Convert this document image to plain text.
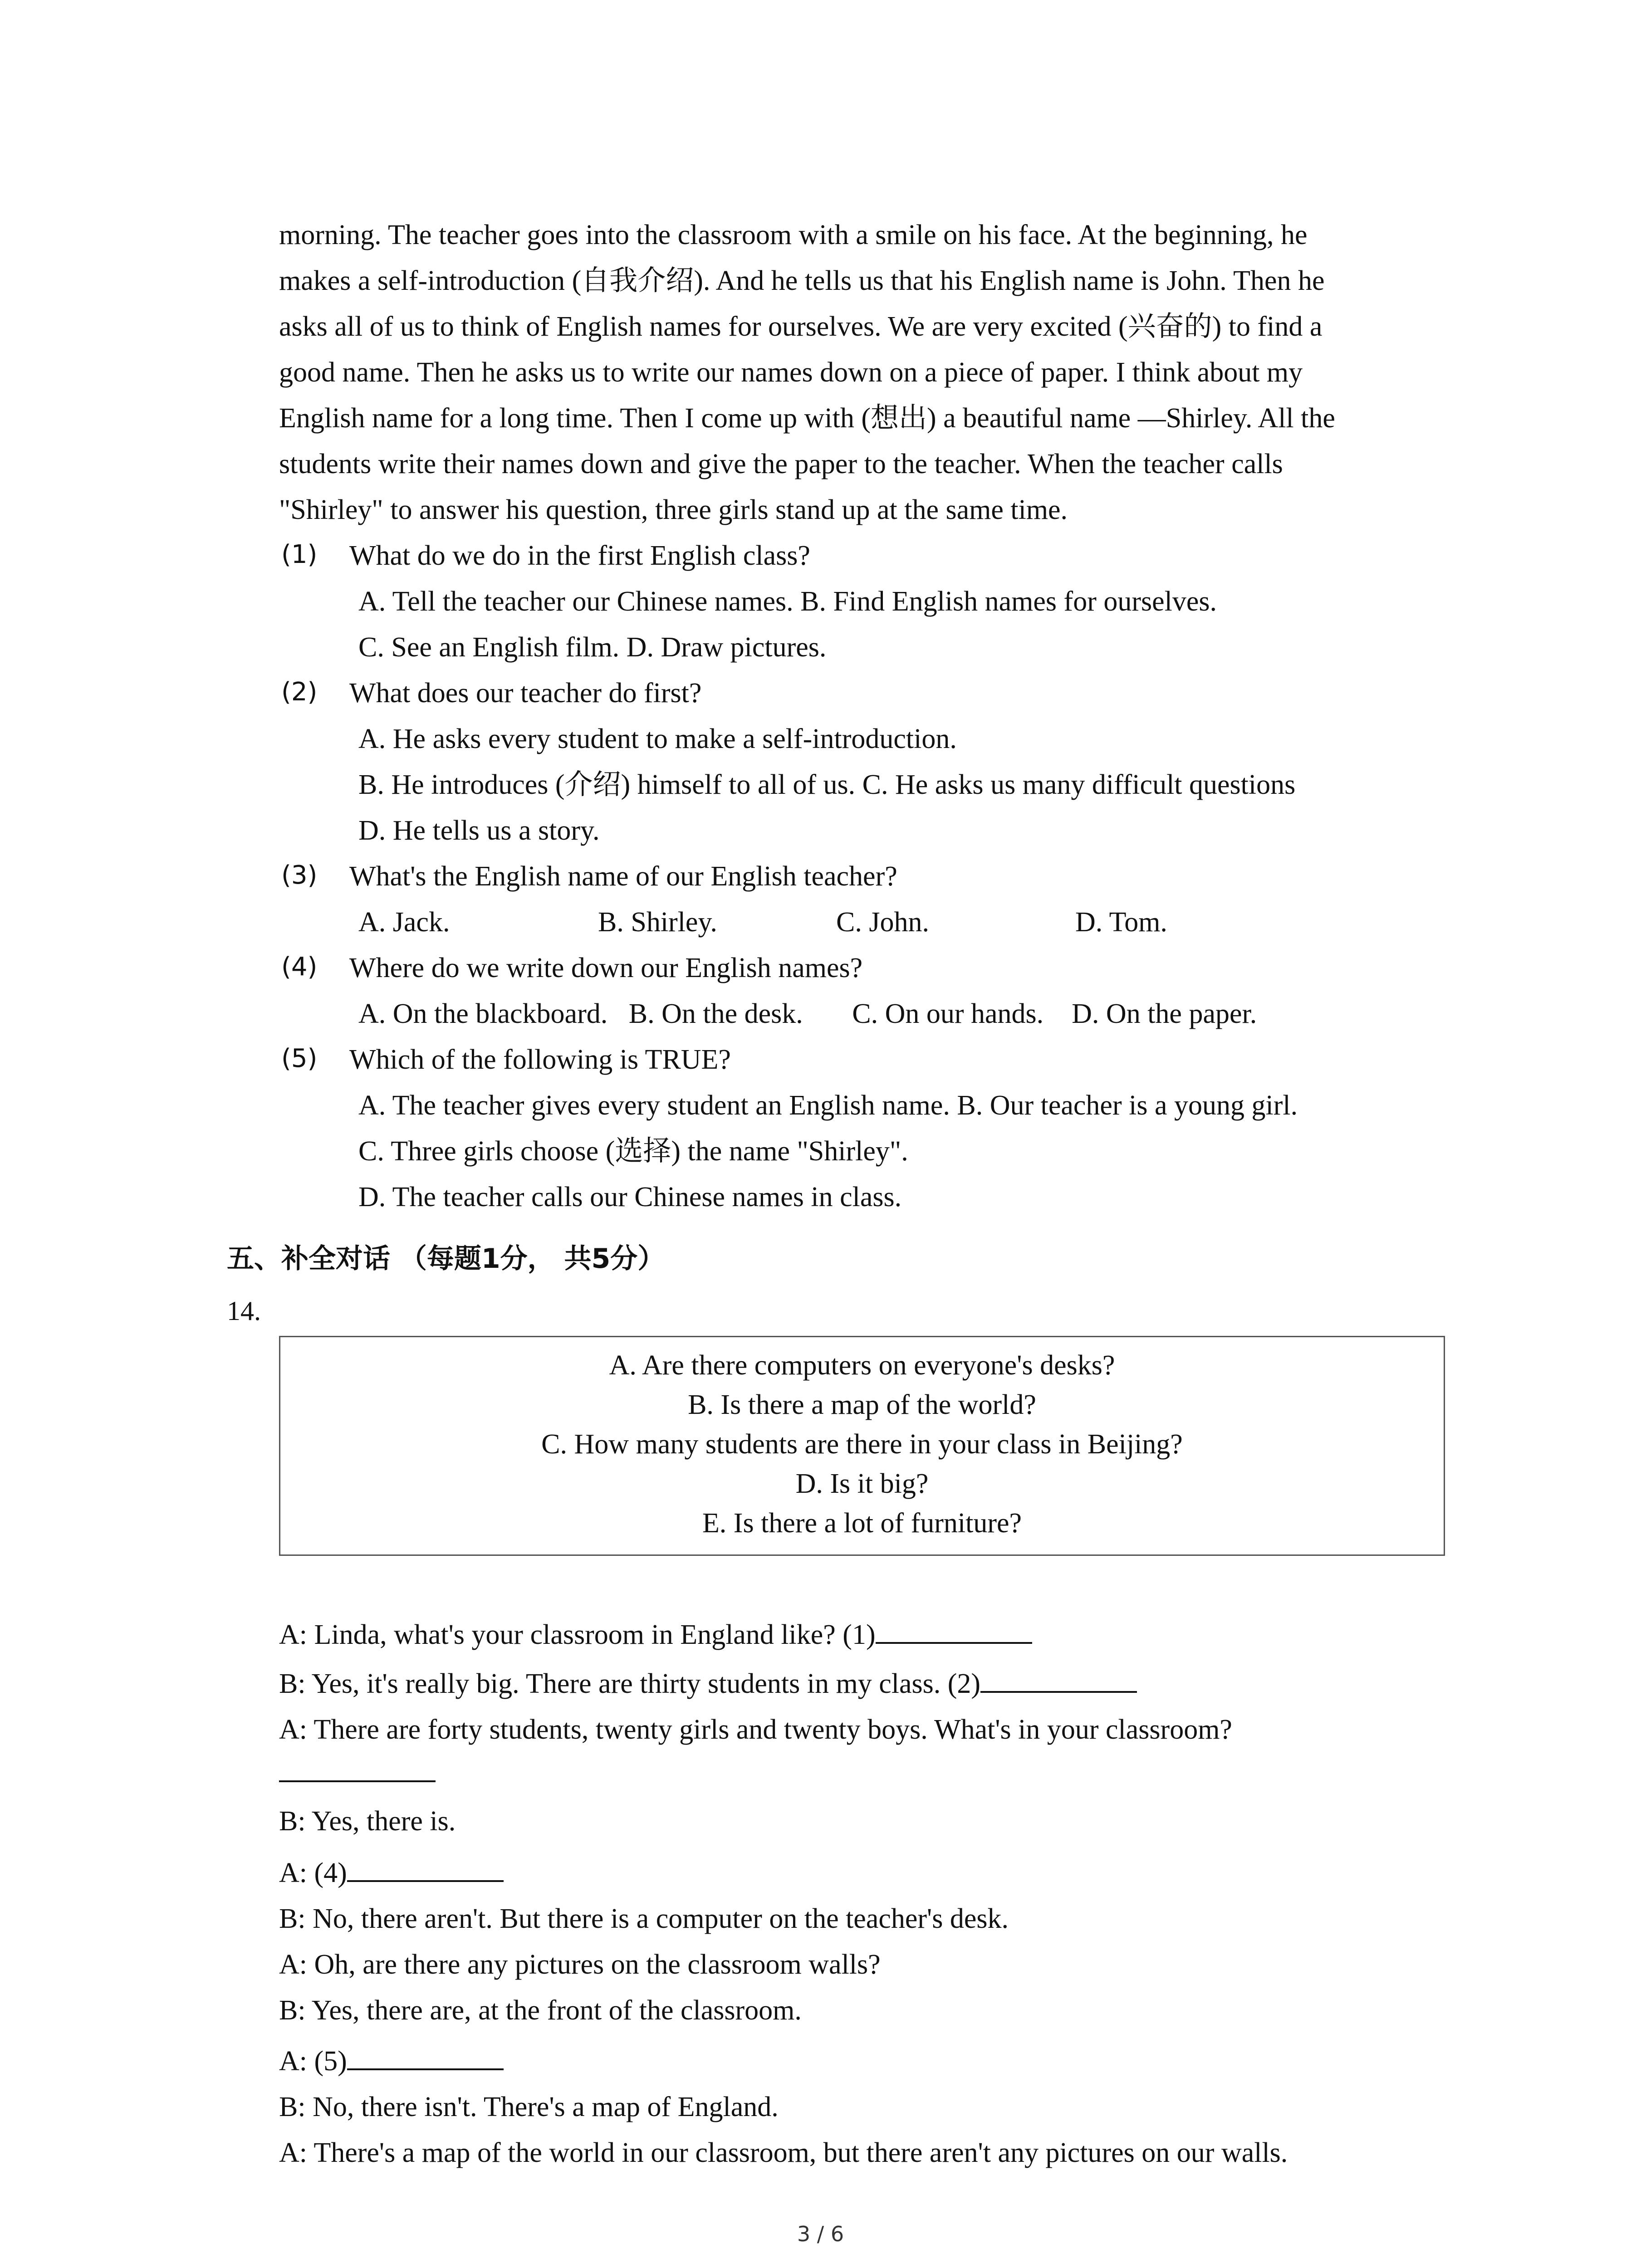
morning. The teacher goes into the classroom with a smile on his face. At the beginning, he
makes a self-introduction (自我介绍). And he tells us that his English name is John. Then he
asks all of us to think of English names for ourselves. We are very excited (兴奋的) to find a
good name. Then he asks us to write our names down on a piece of paper. I think about my
English name for a long time. Then I come up with (想出) a beautiful name —Shirley. All the
students write their names down and give the paper to the teacher. When the teacher calls
"Shirley" to answer his question, three girls stand up at the same time.
(1) What do we do in the first English class?
A. Tell the teacher our Chinese names. B. Find English names for ourselves.
C. See an English film. D. Draw pictures.
(2) What does our teacher do first?
A. He asks every student to make a self-introduction.
B. He introduces (介绍) himself to all of us. C. He asks us many difficult questions
D. He tells us a story.
(3) What's the English name of our English teacher?
A. Jack.	B. Shirley.	C. John.	D. Tom.
(4) Where do we write down our English names?
A. On the blackboard.   B. On the desk.       C. On our hands.    D. On the paper.
(5) Which of the following is TRUE?
A. The teacher gives every student an English name. B. Our teacher is a young girl.
C. Three girls choose (选择) the name "Shirley".
D. The teacher calls our Chinese names in class.
五、补全对话 （每题1分， 共5分）
14.
A. Are there computers on everyone's desks?
B. Is there a map of the world?
C. How many students are there in your class in Beijing?
D. Is it big?
E. Is there a lot of furniture?
A: Linda, what's your classroom in England like? (1)
B: Yes, it's really big. There are thirty students in my class. (2)
A: There are forty students, twenty girls and twenty boys. What's in your classroom?
B: Yes, there is.
A: (4)
B: No, there aren't. But there is a computer on the teacher's desk.
A: Oh, are there any pictures on the classroom walls?
B: Yes, there are, at the front of the classroom.
A: (5)
B: No, there isn't. There's a map of England.
A: There's a map of the world in our classroom, but there aren't any pictures on our walls.
3 / 6
